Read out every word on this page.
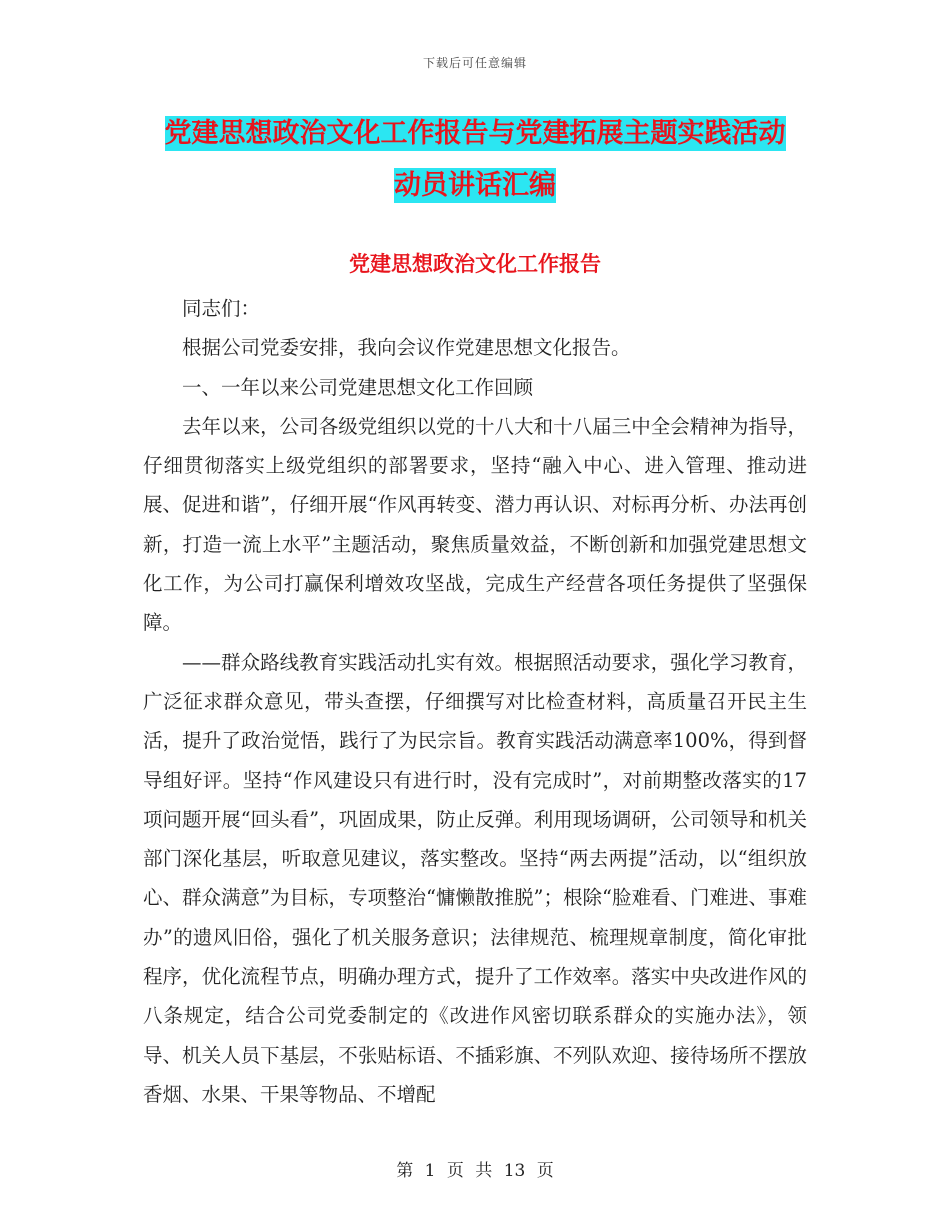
下载后可任意编辑
党建思想政治文化工作报告与党建拓展主题实践活动
动员讲话汇编
党建思想政治文化工作报告

同志们：

根据公司党委安排，我向会议作党建思想文化报告。

一、一年以来公司党建思想文化工作回顾

去年以来，公司各级党组织以党的十八大和十八届三中全会精神为指导，仔细贯彻落实上级党组织的部署要求，坚持“融入中心、进入管理、推动进展、促进和谐”，仔细开展“作风再转变、潜力再认识、对标再分析、办法再创新，打造一流上水平”主题活动，聚焦质量效益，不断创新和加强党建思想文化工作，为公司打赢保利增效攻坚战，完成生产经营各项任务提供了坚强保障。

——群众路线教育实践活动扎实有效。根据照活动要求，强化学习教育，广泛征求群众意见，带头查摆，仔细撰写对比检查材料，高质量召开民主生活，提升了政治觉悟，践行了为民宗旨。教育实践活动满意率100%，得到督导组好评。坚持“作风建设只有进行时，没有完成时”，对前期整改落实的17项问题开展“回头看”，巩固成果，防止反弹。利用现场调研，公司领导和机关部门深化基层，听取意见建议，落实整改。坚持“两去两提”活动，以“组织放心、群众满意”为目标，专项整治“慵懒散推脱”；根除“脸难看、门难进、事难办”的遗风旧俗，强化了机关服务意识；法律规范、梳理规章制度，简化审批程序，优化流程节点，明确办理方式，提升了工作效率。落实中央改进作风的八条规定，结合公司党委制定的《改进作风密切联系群众的实施办法》，领导、机关人员下基层，不张贴标语、不插彩旗、不列队欢迎、接待场所不摆放香烟、水果、干果等物品、不增配

第 1 页 共 13 页
